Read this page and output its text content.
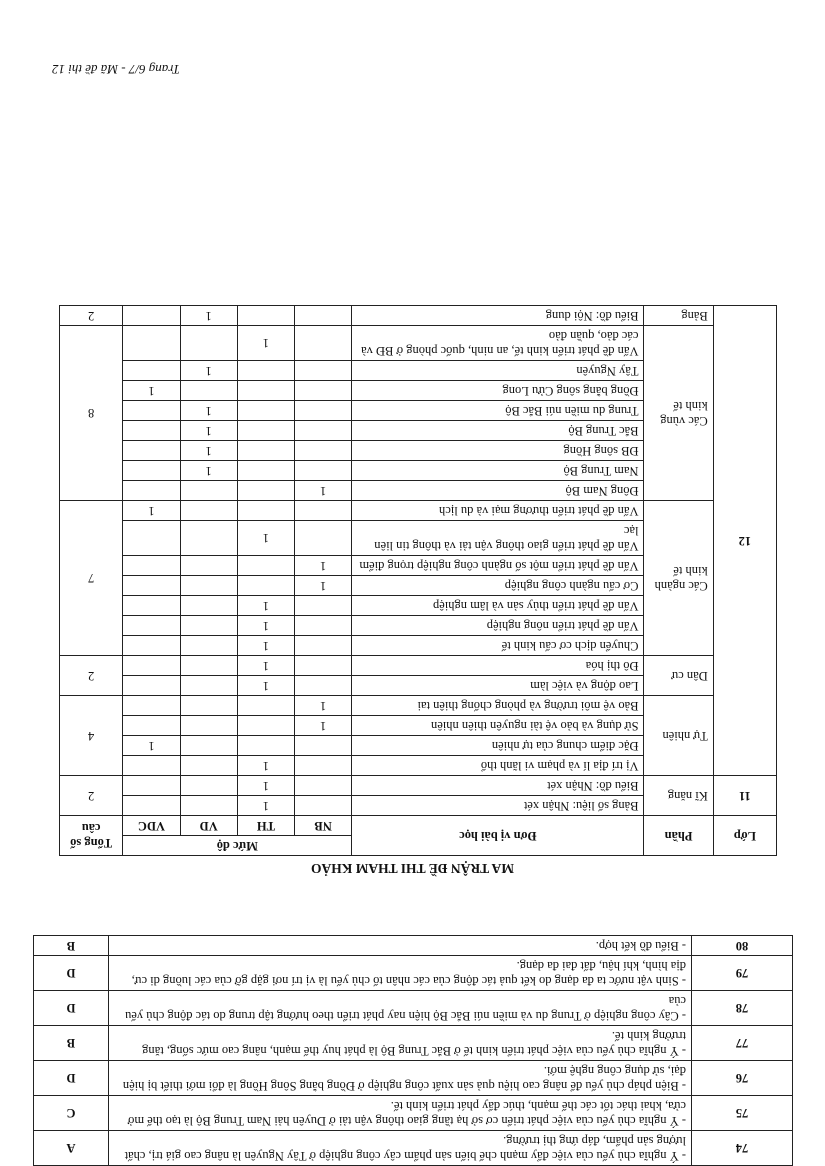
74	- Ý nghĩa chủ yếu của việc đẩy mạnh chế biến sản phẩm cây công nghiệp ở Tây Nguyên là nâng cao giá trị, chất lượng sản phẩm, đáp ứng thị trường.	A
75	- Ý nghĩa chủ yếu của việc phát triển cơ sở hạ tầng giao thông vận tải ở Duyên hải Nam Trung Bộ là tạo thế mở cửa, khai thác tốt các thế mạnh, thúc đẩy phát triển kinh tế.	C
76	- Biện pháp chủ yếu để nâng cao hiệu quả sản xuất công nghiệp ở Đồng bằng Sông Hồng là đổi mới thiết bị hiện đại, sử dụng công nghệ mới.	D
77	- Ý nghĩa chủ yếu của việc phát triển kinh tế ở Bắc Trung Bộ là phát huy thế mạnh, nâng cao mức sống, tăng trưởng kinh tế.	B
78	- Cây công nghiệp ở Trung du và miền núi Bắc Bộ hiện nay phát triển theo hướng tập trung do tác động chủ yếu của	D
79	- Sinh vật nước ta đa dạng do kết quả tác động của các nhân tố chủ yếu là vị trí nơi gặp gỡ của các luồng di cư, địa hình, khí hậu, đất đai đa dạng.	D
80	- Biểu đồ kết hợp.	B
MA TRẬN ĐỀ THI THAM KHẢO
Lớp	Phần	Đơn vị bài học	Mức độ				Tổng số câu
			NB	TH	VD	VDC	
11	Kĩ năng	Bảng số liệu: Nhận xét		1			2
		Biểu đồ: Nhận xét		1			
12	Tự nhiên	Vị trí địa lí và phạm vi lãnh thổ		1			4
		Đặc điểm chung của tự nhiên				1	
		Sử dụng và bảo vệ tài nguyên thiên nhiên	1				
		Bảo vệ môi trường và phòng chống thiên tai	1				
	Dân cư	Lao động và việc làm		1			2
		Đô thị hóa		1			
	Các ngành kinh tế	Chuyển dịch cơ cấu kinh tế		1			7
		Vấn đề phát triển nông nghiệp		1			
		Vấn đề phát triển thủy sản và lâm nghiệp		1			
		Cơ cấu ngành công nghiệp	1				
		Vấn đề phát triển một số ngành công nghiệp trọng điểm	1				
		Vấn đề phát triển giao thông vận tải và thông tin liên lạc		1			
		Vấn đề phát triển thương mại và du lịch				1	
	Các vùng kinh tế	Đông Nam Bộ	1				8
		Nam Trung Bộ			1		
		ĐB sông Hồng			1		
		Bắc Trung Bộ			1		
		Trung du miền núi Bắc Bộ			1		
		Đồng bằng sông Cửu Long				1	
		Tây Nguyên			1		
		Vấn đề phát triển kinh tế, an ninh, quốc phòng ở BĐ và các đảo, quần đảo		1			
	Bảng	Biểu đồ: Nội dung			1		2
Trang 6/7 - Mã đề thi 12
